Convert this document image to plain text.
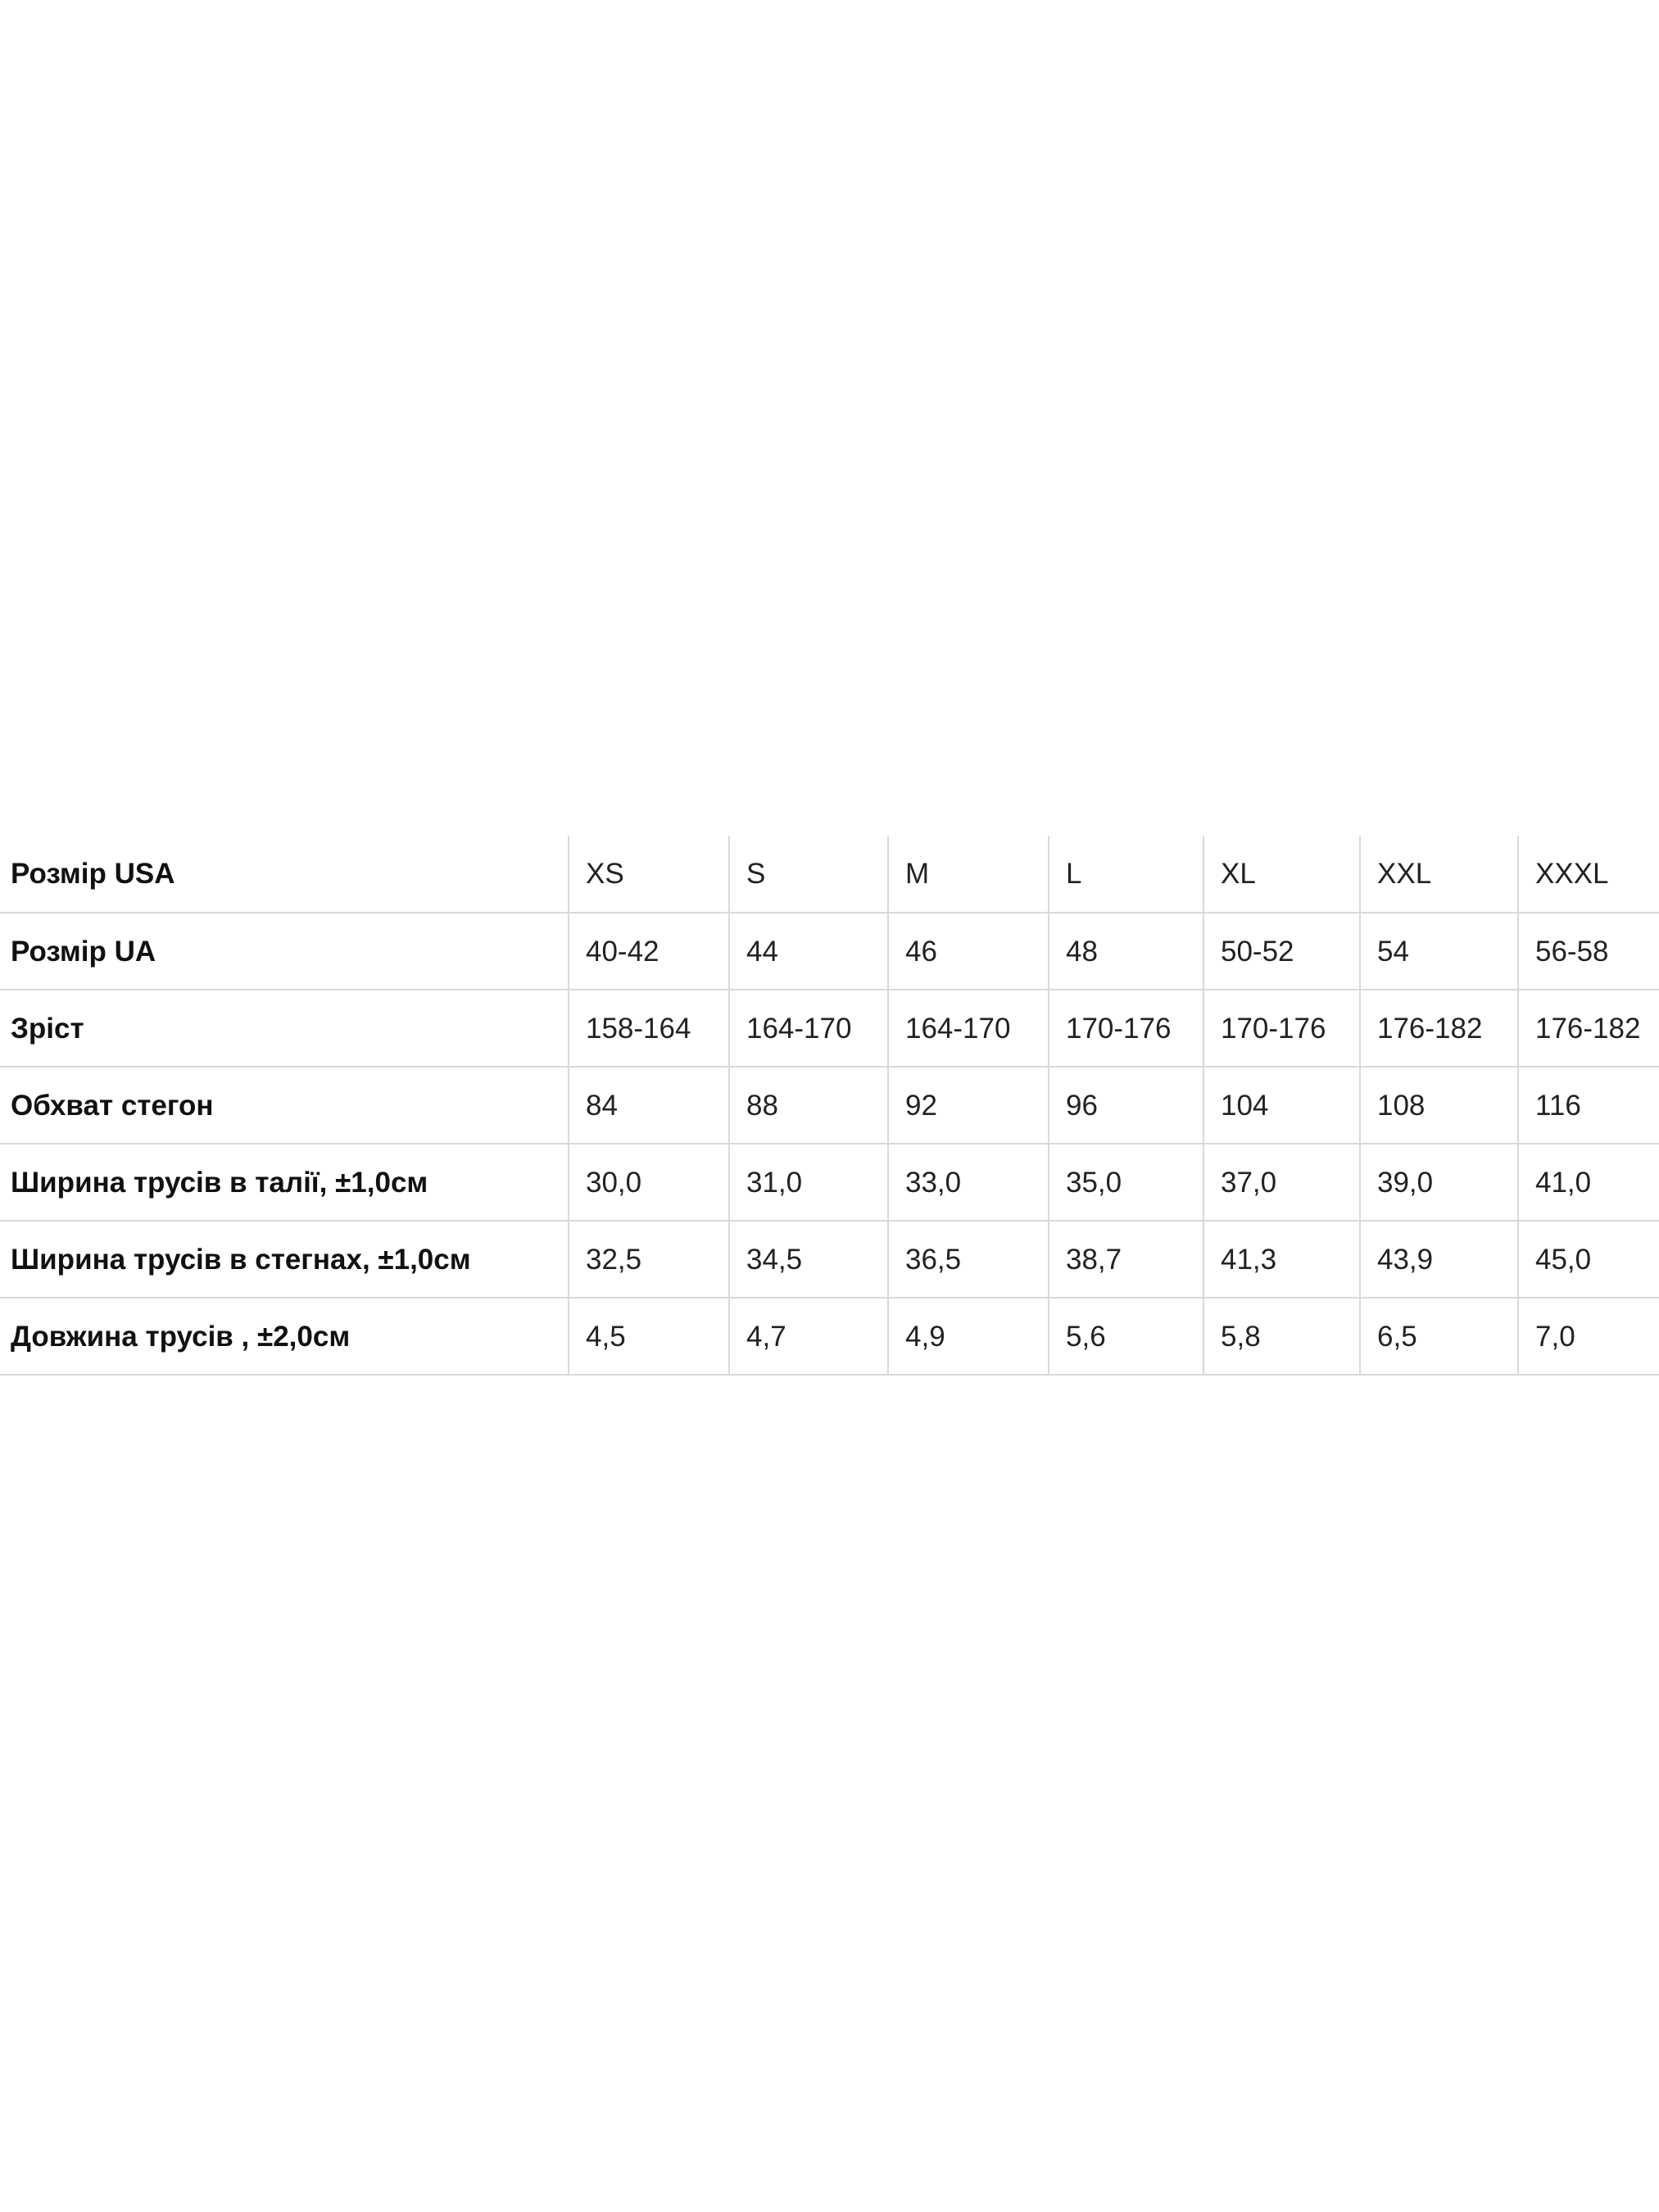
Розмір USA	XS	S	M	L	XL	XXL	XXXL
Розмір UA	40-42	44	46	48	50-52	54	56-58
Зрiст	158-164	164-170	164-170	170-176	170-176	176-182	176-182
Обхват стегон	84	88	92	96	104	108	116
Ширина трусів в талії, ±1,0см	30,0	31,0	33,0	35,0	37,0	39,0	41,0
Ширина трусів в стегнах, ±1,0см	32,5	34,5	36,5	38,7	41,3	43,9	45,0
Довжина трусів , ±2,0см	4,5	4,7	4,9	5,6	5,8	6,5	7,0
